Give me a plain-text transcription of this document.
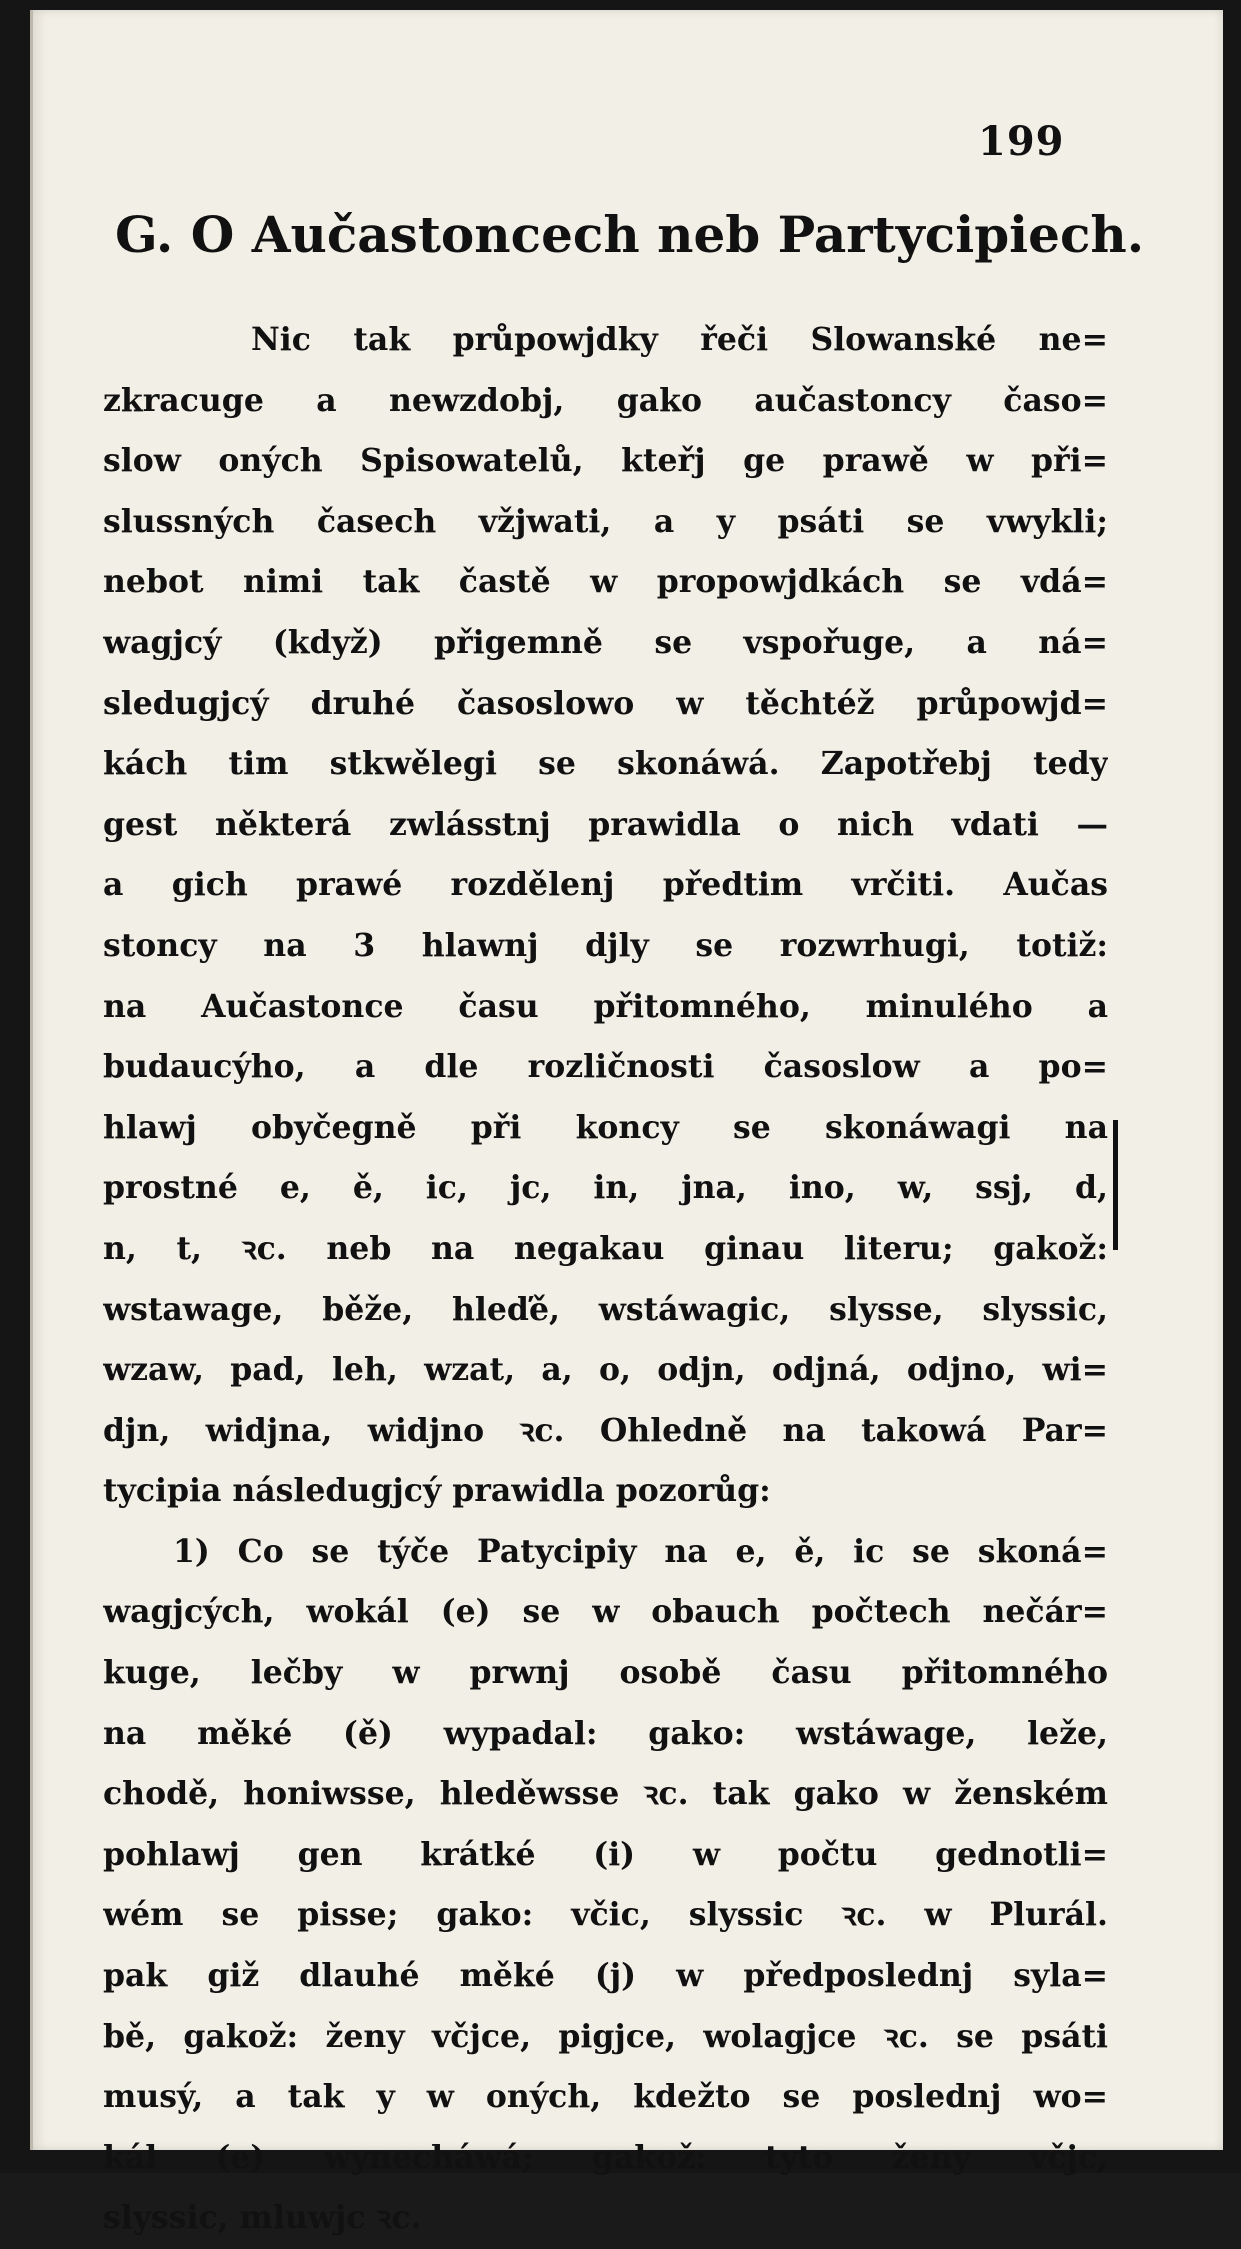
199
G. O Aučastoncech neb Partycipiech.
Nic tak průpowjdky řeči Slowanské ne=
zkracuge a newzdobj, gako aučastoncy časo=
slow oných Spisowatelů, kteřj ge prawě w při=
slussných časech vžjwati, a y psáti se vwykli;
nebot nimi tak častě w propowjdkách se vdá=
wagjcý (když) přigemně se vspořuge, a ná=
sledugjcý druhé časoslowo w těchtéž průpowjd=
kách tim stkwělegi se skonáwá. Zapotřebj tedy
gest některá zwlásstnj prawidla o nich vdati —
a gich prawé rozdělenj předtim vrčiti. Aučas
stoncy na 3 hlawnj djly se rozwrhugi, totiž:
na Aučastonce času přitomného, minulého a
budaucýho, a dle rozličnosti časoslow a po=
hlawj obyčegně při koncy se skonáwagi na
prostné e, ě, ic, jc, in, jna, ino, w, ssj, d,
n, t, ꝛc. neb na negakau ginau literu; gakož:
wstawage, běže, hleďě, wstáwagic, slysse, slyssic,
wzaw, pad, leh, wzat, a, o, odjn, odjná, odjno, wi=
djn, widjna, widjno ꝛc. Ohledně na takowá Par=
tycipia následugjcý prawidla pozorůg:
1) Co se týče Patycipiy na e, ě, ic se skoná=
wagjcých, wokál (e) se w obauch počtech nečár=
kuge, lečby w prwnj osobě času přitomného
na měké (ě) wypadal: gako: wstáwage, leže,
chodě, honiwsse, hleděwsse ꝛc. tak gako w ženském
pohlawj gen krátké (i) w počtu gednotli=
wém se pisse; gako: včic, slyssic ꝛc. w Plurál.
pak giž dlauhé měké (j) w předposlednj syla=
bě, gakož: ženy včjce, pigjce, wolagjce ꝛc. se psáti
musý, a tak y w oných, kdežto se poslednj wo=
kál (e) wynecháwá; gakož: tyto ženy včjc,
slyssic, mluwjc ꝛc.
